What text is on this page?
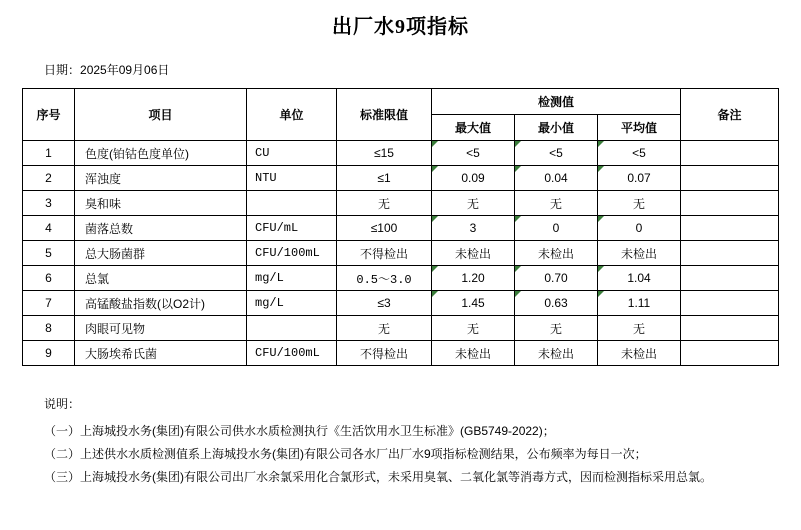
出厂水9项指标
日期：2025年09月06日
序号	项目	单位	标准限值	检测值			备注
				最大值	最小值	平均值	
1	色度(铂钴色度单位)	CU	≤15	<5	<5	<5	
2	浑浊度	NTU	≤1	0.09	0.04	0.07	
3	臭和味		无	无	无	无	
4	菌落总数	CFU/mL	≤100	3	0	0	
5	总大肠菌群	CFU/100mL	不得检出	未检出	未检出	未检出	
6	总氯	mg/L	0.5～3.0	1.20	0.70	1.04	
7	高锰酸盐指数(以O2计)	mg/L	≤3	1.45	0.63	1.11	
8	肉眼可见物		无	无	无	无	
9	大肠埃希氏菌	CFU/100mL	不得检出	未检出	未检出	未检出	
说明：

（一）上海城投水务(集团)有限公司供水水质检测执行《生活饮用水卫生标准》(GB5749-2022)；

（二）上述供水水质检测值系上海城投水务(集团)有限公司各水厂出厂水9项指标检测结果，公布频率为每日一次；

（三）上海城投水务(集团)有限公司出厂水余氯采用化合氯形式，未采用臭氧、二氧化氯等消毒方式，因而检测指标采用总氯。
